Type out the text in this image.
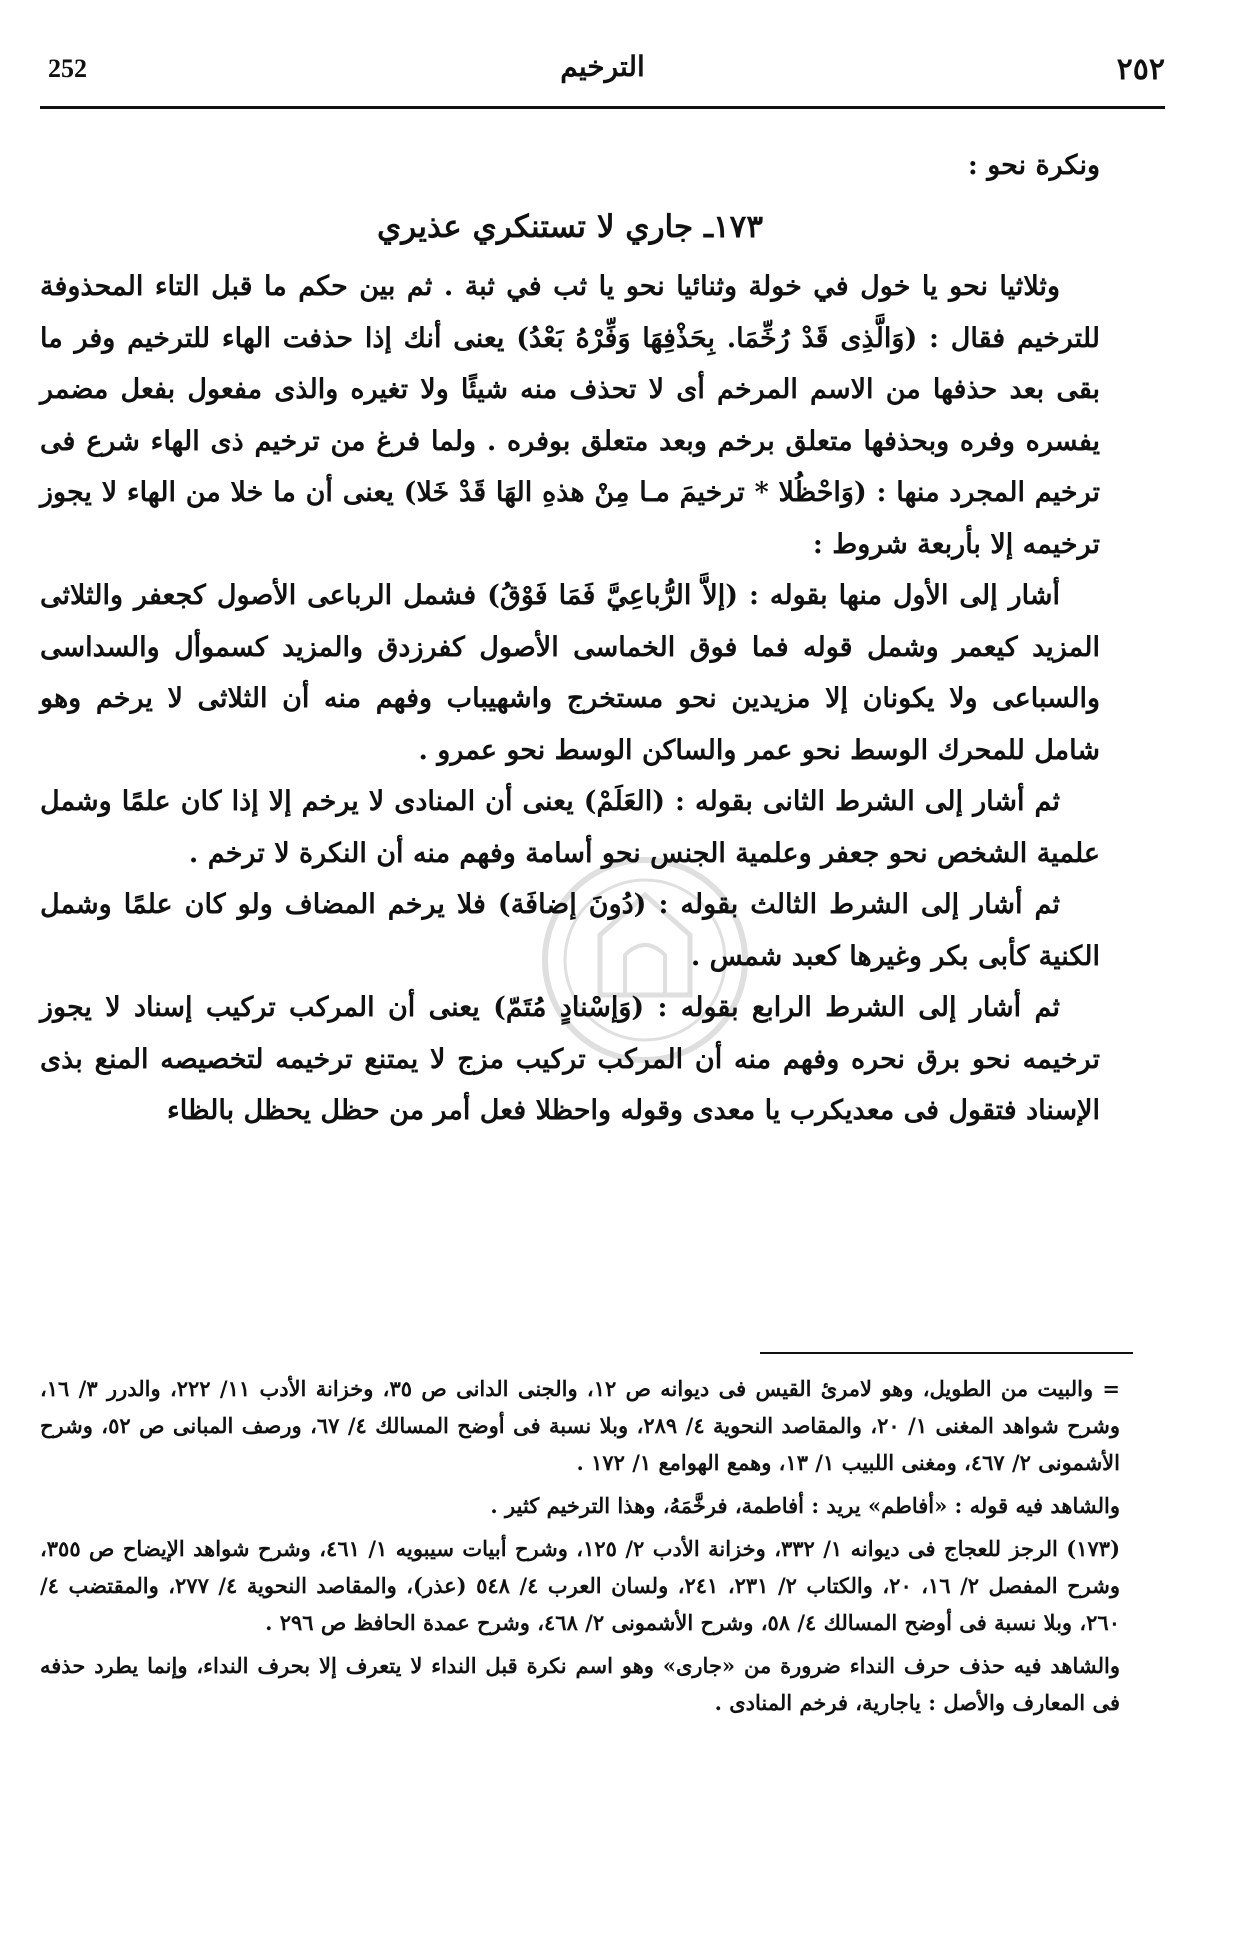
252	الترخيم	٢٥٢

ونكرة نحو :

١٧٣ـ جاري لا تستنكري عذيري

وثلاثيا نحو يا خول في خولة وثنائيا نحو يا ثب في ثبة . ثم بين حكم ما قبل التاء المحذوفة للترخيم فقال : (وَالَّذِى قَدْ رُخِّمَا. بِحَذْفِهَا وَفِّرْهُ بَعْدُ) يعنى أنك إذا حذفت الهاء للترخيم وفر ما بقى بعد حذفها من الاسم المرخم أى لا تحذف منه شيئًا ولا تغيره والذى مفعول بفعل مضمر يفسره وفره وبحذفها متعلق برخم وبعد متعلق بوفره . ولما فرغ من ترخيم ذى الهاء شرع فى ترخيم المجرد منها : (وَاحْظُلا * ترخيمَ مـا مِنْ هذهِ الهَا قَدْ خَلا) يعنى أن ما خلا من الهاء لا يجوز ترخيمه إلا بأربعة شروط :

أشار إلى الأول منها بقوله : (إلاَّ الرُّباعِيَّ فَمَا فَوْقُ) فشمل الرباعى الأصول كجعفر والثلاثى المزيد كيعمر وشمل قوله فما فوق الخماسى الأصول كفرزدق والمزيد كسموأل والسداسى والسباعى ولا يكونان إلا مزيدين نحو مستخرج واشهيباب وفهم منه أن الثلاثى لا يرخم وهو شامل للمحرك الوسط نحو عمر والساكن الوسط نحو عمرو .

ثم أشار إلى الشرط الثانى بقوله : (العَلَمْ) يعنى أن المنادى لا يرخم إلا إذا كان علمًا وشمل علمية الشخص نحو جعفر وعلمية الجنس نحو أسامة وفهم منه أن النكرة لا ترخم .

ثم أشار إلى الشرط الثالث بقوله : (دُونَ إضافَة) فلا يرخم المضاف ولو كان علمًا وشمل الكنية كأبى بكر وغيرها كعبد شمس .

ثم أشار إلى الشرط الرابع بقوله : (وَإسْنادٍ مُتَمّ) يعنى أن المركب تركيب إسناد لا يجوز ترخيمه نحو برق نحره وفهم منه أن المركب تركيب مزج لا يمتنع ترخيمه لتخصيصه المنع بذى الإسناد فتقول فى معديكرب يا معدى وقوله واحظلا فعل أمر من حظل يحظل بالظاء

= والبيت من الطويل، وهو لامرئ القيس فى ديوانه ص ١٢، والجنى الدانى ص ٣٥، وخزانة الأدب ١١/ ٢٢٢، والدرر ٣/ ١٦، وشرح شواهد المغنى ١/ ٢٠، والمقاصد النحوية ٤/ ٢٨٩، وبلا نسبة فى أوضح المسالك ٤/ ٦٧، ورصف المبانى ص ٥٢، وشرح الأشمونى ٢/ ٤٦٧، ومغنى اللبيب ١/ ١٣، وهمع الهوامع ١/ ١٧٢ .

والشاهد فيه قوله : «أفاطم» يريد : أفاطمة، فرخَّمَهُ، وهذا الترخيم كثير .

(١٧٣) الرجز للعجاج فى ديوانه ١/ ٣٣٢، وخزانة الأدب ٢/ ١٢٥، وشرح أبيات سيبويه ١/ ٤٦١، وشرح شواهد الإيضاح ص ٣٥٥، وشرح المفصل ٢/ ١٦، ٢٠، والكتاب ٢/ ٢٣١، ٢٤١، ولسان العرب ٤/ ٥٤٨ (عذر)، والمقاصد النحوية ٤/ ٢٧٧، والمقتضب ٤/ ٢٦٠، وبلا نسبة فى أوضح المسالك ٤/ ٥٨، وشرح الأشمونى ٢/ ٤٦٨، وشرح عمدة الحافظ ص ٢٩٦ .

والشاهد فيه حذف حرف النداء ضرورة من «جارى» وهو اسم نكرة قبل النداء لا يتعرف إلا بحرف النداء، وإنما يطرد حذفه فى المعارف والأصل : ياجارية، فرخم المنادى .
